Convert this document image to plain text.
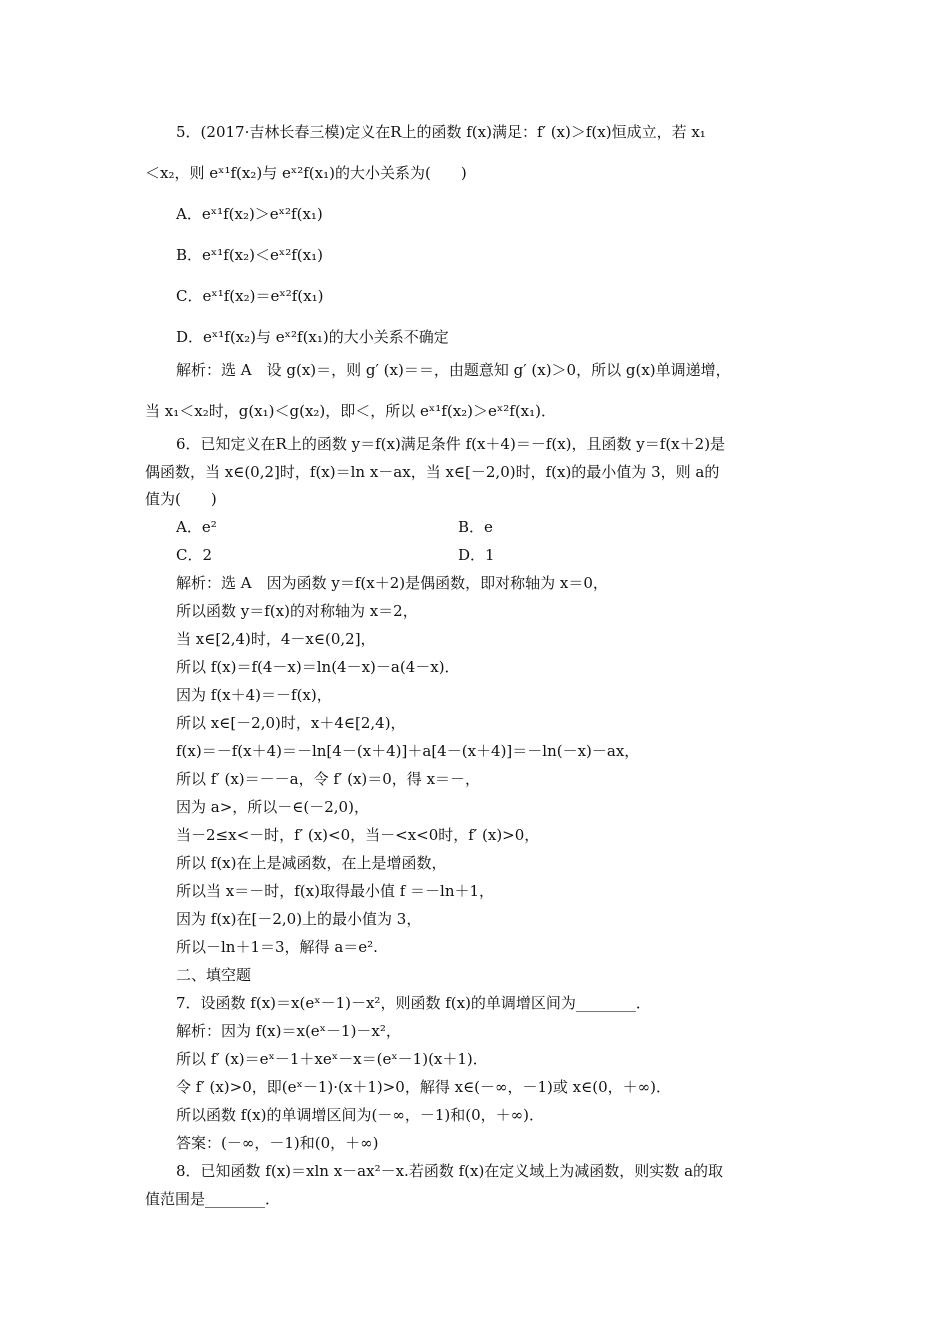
5．(2017·吉林长春三模)定义在R上的函数 f(x)满足：f′ (x)＞f(x)恒成立，若 x₁
＜x₂，则 eˣ¹f(x₂)与 eˣ²f(x₁)的大小关系为(　　)
A．eˣ¹f(x₂)＞eˣ²f(x₁)
B．eˣ¹f(x₂)＜eˣ²f(x₁)
C．eˣ¹f(x₂)＝eˣ²f(x₁)
D．eˣ¹f(x₂)与 eˣ²f(x₁)的大小关系不确定
解析：选 A　设 g(x)＝，则 g′ (x)＝＝，由题意知 g′ (x)＞0，所以 g(x)单调递增，
当 x₁＜x₂时，g(x₁)＜g(x₂)，即＜，所以 eˣ¹f(x₂)＞eˣ²f(x₁)．
6．已知定义在R上的函数 y＝f(x)满足条件 f(x＋4)＝－f(x)，且函数 y＝f(x＋2)是
偶函数，当 x∈(0,2]时，f(x)＝ln x－ax，当 x∈[－2,0)时，f(x)的最小值为 3，则 a的
值为(　　)
A．e²	B．e
C．2	D．1
解析：选 A　因为函数 y＝f(x＋2)是偶函数，即对称轴为 x＝0，
所以函数 y＝f(x)的对称轴为 x＝2，
当 x∈[2,4)时，4－x∈(0,2]，
所以 f(x)＝f(4－x)＝ln(4－x)－a(4－x)．
因为 f(x＋4)＝－f(x)，
所以 x∈[－2,0)时，x＋4∈[2,4)，
f(x)＝－f(x＋4)＝－ln[4－(x＋4)]＋a[4－(x＋4)]＝－ln(－x)－ax，
所以 f′ (x)＝－－a，令 f′ (x)＝0，得 x＝－，
因为 a>，所以－∈(－2,0)，
当－2≤x<－时，f′ (x)<0，当－<x<0时，f′ (x)>0，
所以 f(x)在上是减函数，在上是增函数，
所以当 x＝－时，f(x)取得最小值 f ＝－ln＋1，
因为 f(x)在[－2,0)上的最小值为 3，
所以－ln＋1＝3，解得 a＝e².
二、填空题
7．设函数 f(x)＝x(eˣ－1)－x²，则函数 f(x)的单调增区间为________．
解析：因为 f(x)＝x(eˣ－1)－x²，
所以 f′ (x)＝eˣ－1＋xeˣ－x＝(eˣ－1)(x＋1)．
令 f′ (x)>0，即(eˣ－1)·(x＋1)>0，解得 x∈(－∞，－1)或 x∈(0，＋∞)．
所以函数 f(x)的单调增区间为(－∞，－1)和(0，＋∞)．
答案：(－∞，－1)和(0，＋∞)
8．已知函数 f(x)＝xln x－ax²－x.若函数 f(x)在定义域上为减函数，则实数 a的取
值范围是________．
